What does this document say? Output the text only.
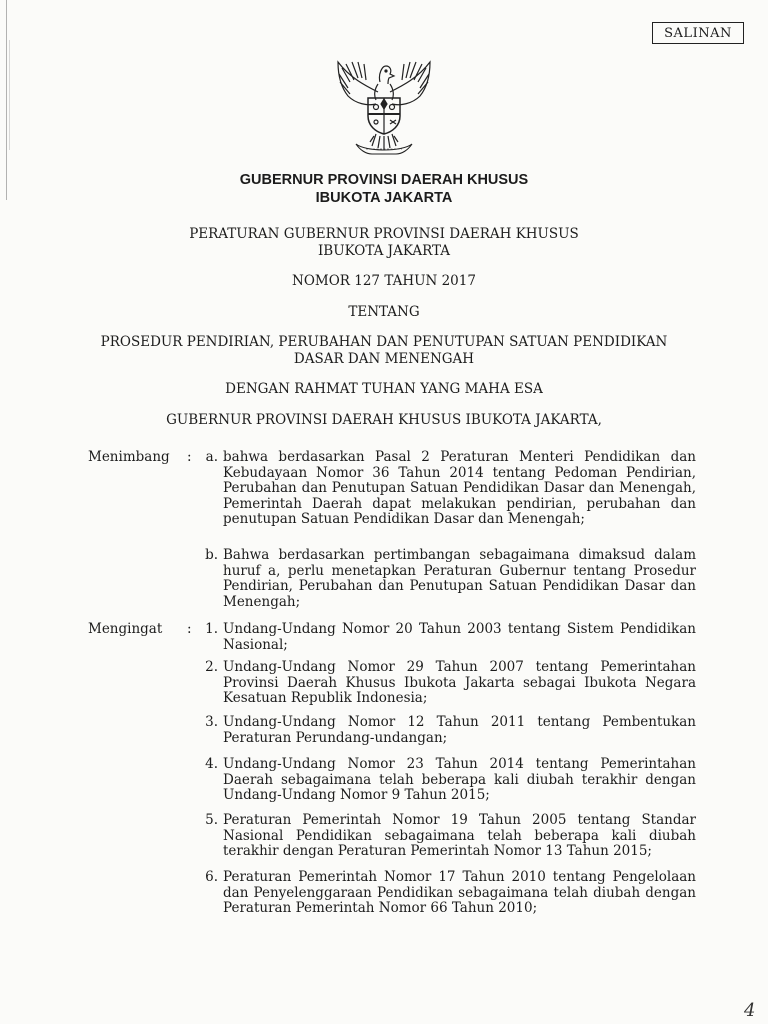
SALINAN
GUBERNUR PROVINSI DAERAH KHUSUS
IBUKOTA JAKARTA
PERATURAN GUBERNUR PROVINSI DAERAH KHUSUS
IBUKOTA JAKARTA
NOMOR 127 TAHUN 2017
TENTANG
PROSEDUR PENDIRIAN, PERUBAHAN DAN PENUTUPAN SATUAN PENDIDIKAN
DASAR DAN MENENGAH
DENGAN RAHMAT TUHAN YANG MAHA ESA
GUBERNUR PROVINSI DAERAH KHUSUS IBUKOTA JAKARTA,
Menimbang :	a. bahwa berdasarkan Pasal 2 Peraturan Menteri Pendidikan dan Kebudayaan Nomor 36 Tahun 2014 tentang Pedoman Pendirian, Perubahan dan Penutupan Satuan Pendidikan Dasar dan Menengah, Pemerintah Daerah dapat melakukan pendirian, perubahan dan penutupan Satuan Pendidikan Dasar dan Menengah;
b. Bahwa berdasarkan pertimbangan sebagaimana dimaksud dalam huruf a, perlu menetapkan Peraturan Gubernur tentang Prosedur Pendirian, Perubahan dan Penutupan Satuan Pendidikan Dasar dan Menengah;
Mengingat :	1. Undang-Undang Nomor 20 Tahun 2003 tentang Sistem Pendidikan Nasional;
2. Undang-Undang Nomor 29 Tahun 2007 tentang Pemerintahan Provinsi Daerah Khusus Ibukota Jakarta sebagai Ibukota Negara Kesatuan Republik Indonesia;
3. Undang-Undang Nomor 12 Tahun 2011 tentang Pembentukan Peraturan Perundang-undangan;
4. Undang-Undang Nomor 23 Tahun 2014 tentang Pemerintahan Daerah sebagaimana telah beberapa kali diubah terakhir dengan Undang-Undang Nomor 9 Tahun 2015;
5. Peraturan Pemerintah Nomor 19 Tahun 2005 tentang Standar Nasional Pendidikan sebagaimana telah beberapa kali diubah terakhir dengan Peraturan Pemerintah Nomor 13 Tahun 2015;
6. Peraturan Pemerintah Nomor 17 Tahun 2010 tentang Pengelolaan dan Penyelenggaraan Pendidikan sebagaimana telah diubah dengan Peraturan Pemerintah Nomor 66 Tahun 2010;
4
